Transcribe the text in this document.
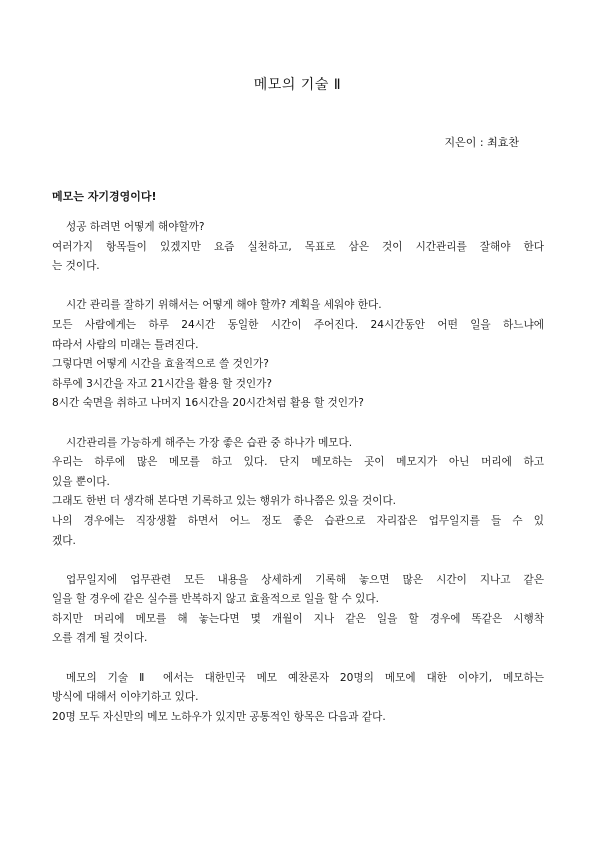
메모의 기술 Ⅱ
지은이 : 최효찬
메모는 자기경영이다!
성공 하려면 어떻게 해야할까?
여러가지 항목들이 있겠지만 요즘 실천하고, 목표로 삼은 것이 시간관리를 잘해야 한다
는 것이다.
시간 관리를 잘하기 위해서는 어떻게 해야 할까? 계획을 세워야 한다.
모든 사람에게는 하루 24시간 동일한 시간이 주어진다. 24시간동안 어떤 일을 하느냐에
따라서 사람의 미래는 틀려진다.
그렇다면 어떻게 시간을 효율적으로 쓸 것인가?
하루에 3시간을 자고 21시간을 활용 할 것인가?
8시간 숙면을 취하고 나머지 16시간을 20시간처럼 활용 할 것인가?
시간관리를 가능하게 해주는 가장 좋은 습관 중 하나가 메모다.
우리는 하루에 많은 메모를 하고 있다. 단지 메모하는 곳이 메모지가 아닌 머리에 하고
있을 뿐이다.
그래도 한번 더 생각해 본다면 기록하고 있는 행위가 하나쯤은 있을 것이다.
나의 경우에는 직장생활 하면서 어느 정도 좋은 습관으로 자리잡은 업무일지를 들 수 있
겠다.
업무일지에 업무관련 모든 내용을 상세하게 기록해 놓으면 많은 시간이 지나고 같은
일을 할 경우에 같은 실수를 반복하지 않고 효율적으로 일을 할 수 있다.
하지만 머리에 메모를 해 놓는다면 몇 개월이 지나 같은 일을 할 경우에 똑같은 시행착
오를 겪게 될 것이다.
메모의 기술 Ⅱ 에서는 대한민국 메모 예찬론자 20명의 메모에 대한 이야기, 메모하는
방식에 대해서 이야기하고 있다.
20명 모두 자신만의 메모 노하우가 있지만 공통적인 항목은 다음과 같다.
